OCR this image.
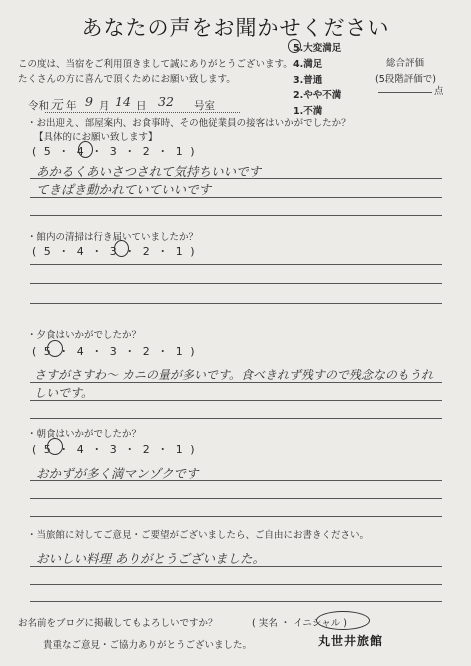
あなたの声をお聞かせください
この度は、当宿をご利用頂きまして誠にありがとうございます。
たくさんの方に喜んで頂くためにお願い致します。
5.大変満足
4.満足
3.普通
2.やや不満
1.不満
総合評価
(5段階評価で)
点
令和 元 年 9 月 14 日 32 号室
・お出迎え、部屋案内、お食事時、その他従業員の接客はいかがでしたか？
【具体的にお願い致します】
( 5 ・ 4 ・ 3 ・ 2 ・ 1 )
あかるくあいさつされて気持ちいいです
てきぱき動かれていていいです
・館内の清掃は行き届いていましたか？
( 5 ・ 4 ・ 3 ・ 2 ・ 1 )
・夕食はいかがでしたか？
( 5 ・ 4 ・ 3 ・ 2 ・ 1 )
さすがさすわ〜 カニの量が多いです。食べきれず残すので残念なのもうれしいです。
・朝食はいかがでしたか？
( 5 ・ 4 ・ 3 ・ 2 ・ 1 )
おかずが多く満マンゾクです
・当旅館に対してご意見・ご要望がございましたら、ご自由にお書きください。
おいしい料理 ありがとうございました。
お名前をブログに掲載してもよろしいですか？	( 実名 ・ イニシャル )
貴重なご意見・ご協力ありがとうございました。	丸世井旅館
